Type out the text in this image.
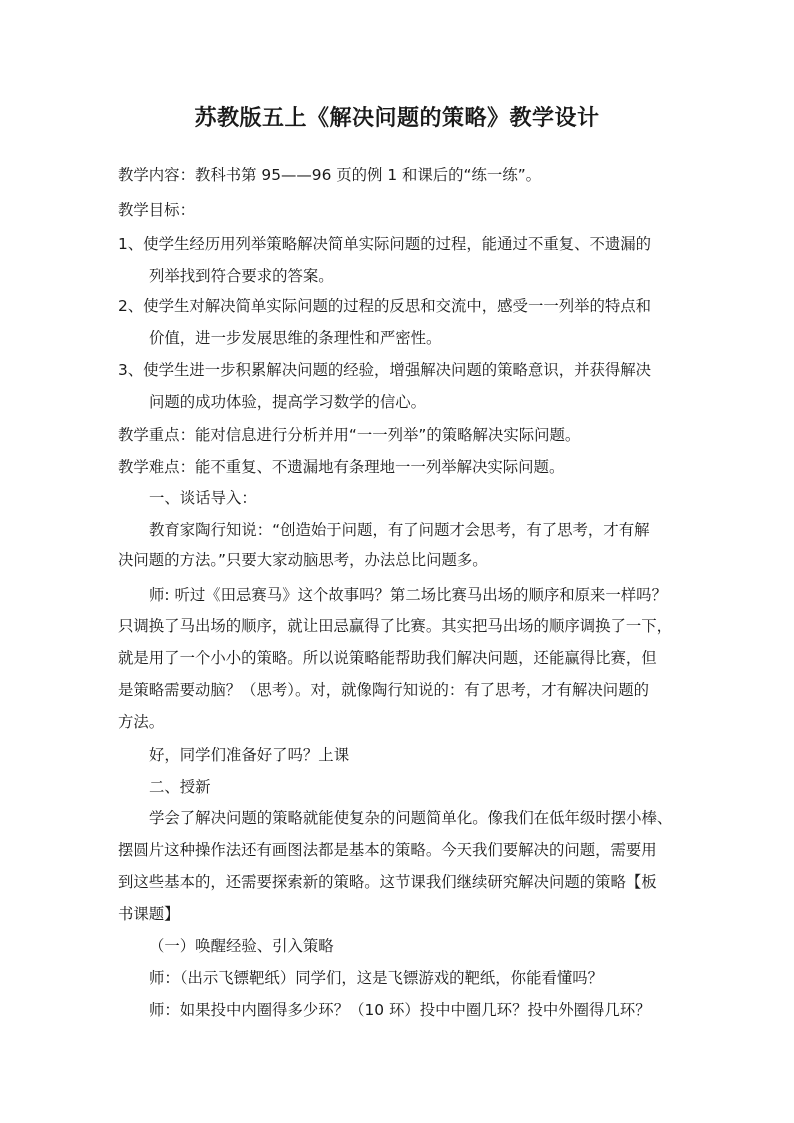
苏教版五上《解决问题的策略》教学设计
教学内容：教科书第 95——96 页的例 1 和课后的“练一练”。
教学目标：
1、使学生经历用列举策略解决简单实际问题的过程，能通过不重复、不遗漏的
列举找到符合要求的答案。
2、使学生对解决简单实际问题的过程的反思和交流中，感受一一列举的特点和
价值，进一步发展思维的条理性和严密性。
3、使学生进一步积累解决问题的经验，增强解决问题的策略意识，并获得解决
问题的成功体验，提高学习数学的信心。
教学重点：能对信息进行分析并用“一一列举”的策略解决实际问题。
教学难点：能不重复、不遗漏地有条理地一一列举解决实际问题。
一、谈话导入：
教育家陶行知说：“创造始于问题，有了问题才会思考，有了思考，才有解
决问题的方法。”只要大家动脑思考，办法总比问题多。
师: 听过《田忌赛马》这个故事吗？第二场比赛马出场的顺序和原来一样吗？
只调换了马出场的顺序，就让田忌赢得了比赛。其实把马出场的顺序调换了一下，
就是用了一个小小的策略。所以说策略能帮助我们解决问题，还能赢得比赛，但
是策略需要动脑？（思考）。对，就像陶行知说的：有了思考，才有解决问题的
方法。
好，同学们准备好了吗？上课
二、授新
学会了解决问题的策略就能使复杂的问题简单化。像我们在低年级时摆小棒、
摆圆片这种操作法还有画图法都是基本的策略。今天我们要解决的问题，需要用
到这些基本的，还需要探索新的策略。这节课我们继续研究解决问题的策略【板
书课题】
（一）唤醒经验、引入策略
师：（出示飞镖靶纸）同学们，这是飞镖游戏的靶纸，你能看懂吗？
师：如果投中内圈得多少环？（10 环）投中中圈几环？投中外圈得几环？
